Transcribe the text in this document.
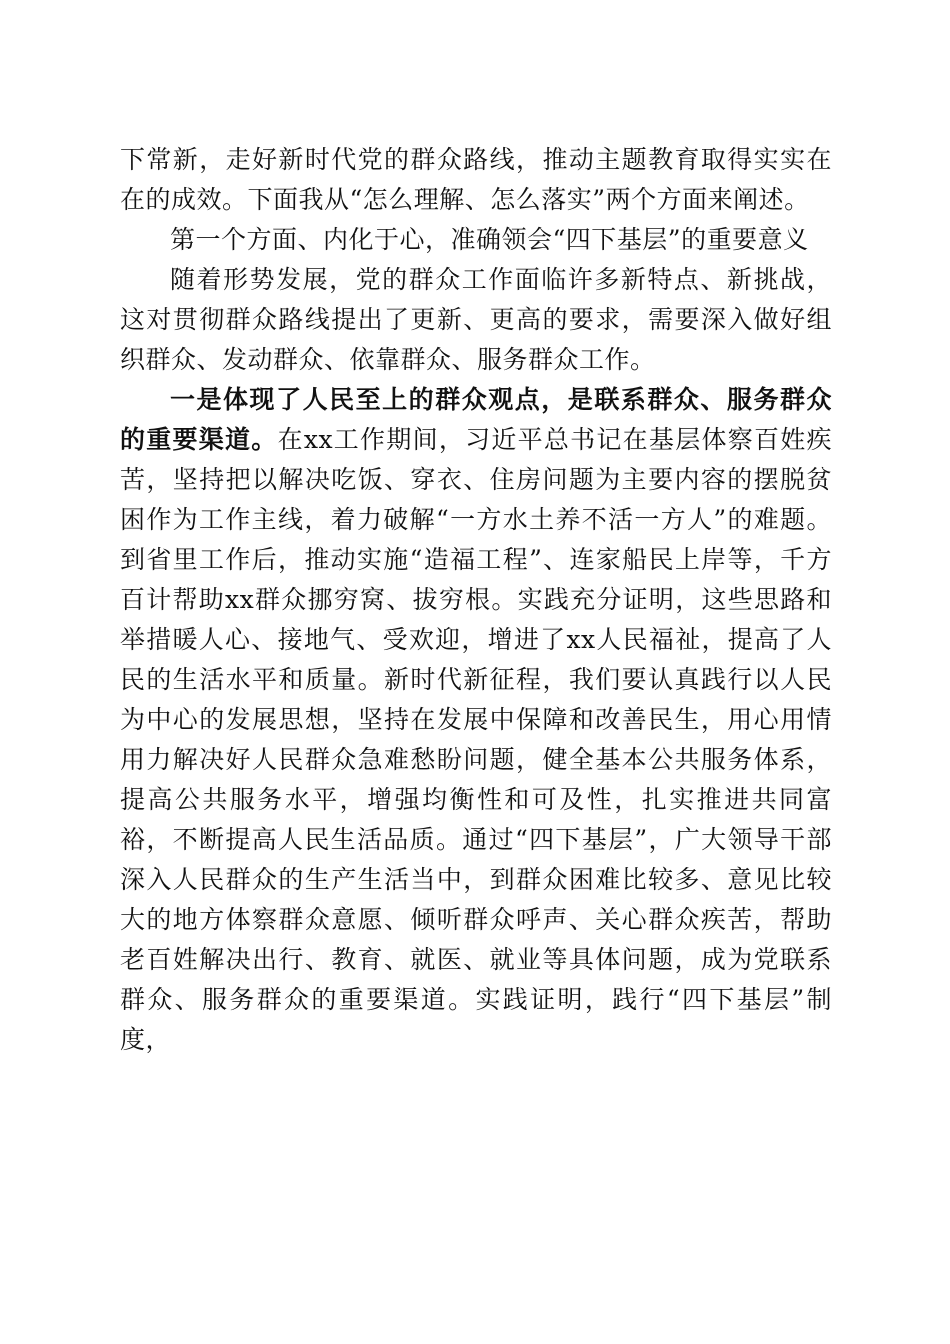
下常新，走好新时代党的群众路线，推动主题教育取得实实在在的成效。下面我从“怎么理解、怎么落实”两个方面来阐述。

第一个方面、内化于心，准确领会“四下基层”的重要意义

随着形势发展，党的群众工作面临许多新特点、新挑战，这对贯彻群众路线提出了更新、更高的要求，需要深入做好组织群众、发动群众、依靠群众、服务群众工作。

一是体现了人民至上的群众观点，是联系群众、服务群众的重要渠道。在xx工作期间，习近平总书记在基层体察百姓疾苦，坚持把以解决吃饭、穿衣、住房问题为主要内容的摆脱贫困作为工作主线，着力破解“一方水土养不活一方人”的难题。到省里工作后，推动实施“造福工程”、连家船民上岸等，千方百计帮助xx群众挪穷窝、拔穷根。实践充分证明，这些思路和举措暖人心、接地气、受欢迎，增进了xx人民福祉，提高了人民的生活水平和质量。新时代新征程，我们要认真践行以人民为中心的发展思想，坚持在发展中保障和改善民生，用心用情用力解决好人民群众急难愁盼问题，健全基本公共服务体系，提高公共服务水平，增强均衡性和可及性，扎实推进共同富裕，不断提高人民生活品质。通过“四下基层”，广大领导干部深入人民群众的生产生活当中，到群众困难比较多、意见比较大的地方体察群众意愿、倾听群众呼声、关心群众疾苦，帮助老百姓解决出行、教育、就医、就业等具体问题，成为党联系群众、服务群众的重要渠道。实践证明，践行“四下基层”制度，
